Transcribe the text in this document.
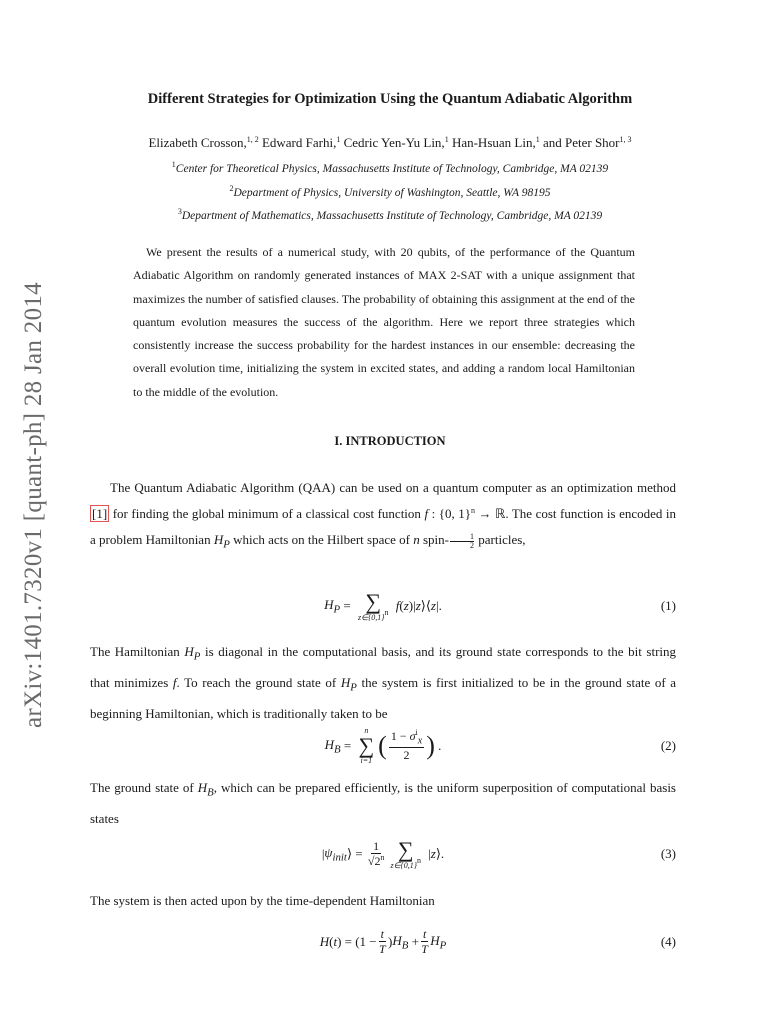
arXiv:1401.7320v1 [quant-ph] 28 Jan 2014
Different Strategies for Optimization Using the Quantum Adiabatic Algorithm
Elizabeth Crosson,$^{1, 2}$ Edward Farhi,$^1$ Cedric Yen-Yu Lin,$^1$ Han-Hsuan Lin,$^1$ and Peter Shor$^{1, 3}$
$^1$Center for Theoretical Physics, Massachusetts Institute of Technology, Cambridge, MA 02139
$^2$Department of Physics, University of Washington, Seattle, WA 98195
$^3$Department of Mathematics, Massachusetts Institute of Technology, Cambridge, MA 02139

We present the results of a numerical study, with 20 qubits, of the performance of the Quantum Adiabatic Algorithm on randomly generated instances of MAX 2-SAT with a unique assignment that maximizes the number of satisfied clauses. The probability of obtaining this assignment at the end of the quantum evolution measures the success of the algorithm. Here we report three strategies which consistently increase the success probability for the hardest instances in our ensemble: decreasing the overall evolution time, initializing the system in excited states, and adding a random local Hamiltonian to the middle of the evolution.

I. INTRODUCTION

The Quantum Adiabatic Algorithm (QAA) can be used on a quantum computer as an optimization method [1] for finding the global minimum of a classical cost function f : {0, 1}$^n$ → ℝ. The cost function is encoded in a problem Hamiltonian $H_P$ which acts on the Hilbert space of n spin- $\frac{1}{2}$ particles,

$H_P$ = ∑
$z\in\{0,1\}^n$
f ( z )| z ⟩⟨ z |.	(1)

The Hamiltonian $H_P$ is diagonal in the computational basis, and its ground state corresponds to the bit string that minimizes f. To reach the ground state of $H_P$ the system is first initialized to be in the ground state of a beginning Hamiltonian, which is traditionally taken to be

$H_B$ =
n
∑
i=1
( $\frac{1 - \sigma^i_x}{2}$ ) .	(2)

The ground state of $H_B$, which can be prepared efficiently, is the uniform superposition of computational basis states

| $\psi_{init}$ ⟩ = $\frac{1}{√2^n}$ ∑
$z\in\{0,1\}^n$ | z ⟩.	(3)

The system is then acted upon by the time-dependent Hamiltonian

H ( t ) = ($1 - \frac{t}{T}$ ) $H_B + \frac{t}{T} H_P$	(4)
